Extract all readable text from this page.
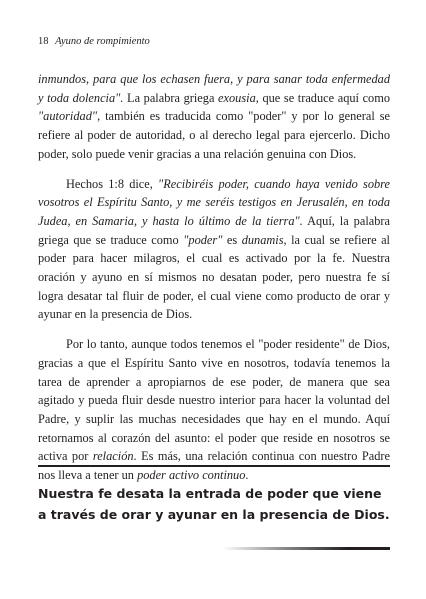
18 Ayuno de rompimiento

inmundos, para que los echasen fuera, y para sanar toda enfermedad y toda dolencia". La palabra griega exousia, que se traduce aquí como "autoridad", también es traducida como "poder" y por lo general se refiere al poder de autoridad, o al derecho legal para ejercerlo. Dicho poder, solo puede venir gracias a una relación genuina con Dios.

Hechos 1:8 dice, "Recibiréis poder, cuando haya venido sobre vosotros el Espíritu Santo, y me seréis testigos en Jerusalén, en toda Judea, en Samaria, y hasta lo último de la tierra". Aquí, la palabra griega que se traduce como "poder" es dunamis, la cual se refiere al poder para hacer milagros, el cual es activado por la fe. Nuestra oración y ayuno en sí mismos no desatan poder, pero nuestra fe sí logra desatar tal fluir de poder, el cual viene como producto de orar y ayunar en la presencia de Dios.

Por lo tanto, aunque todos tenemos el "poder residente" de Dios, gracias a que el Espíritu Santo vive en nosotros, todavía tenemos la tarea de aprender a apropiarnos de ese poder, de manera que sea agitado y pueda fluir desde nuestro interior para hacer la voluntad del Padre, y suplir las muchas necesidades que hay en el mundo. Aquí retornamos al corazón del asunto: el poder que reside en nosotros se activa por relación. Es más, una relación continua con nuestro Padre nos lleva a tener un poder activo continuo.

Nuestra fe desata la entrada de poder que viene a través de orar y ayunar en la presencia de Dios.
